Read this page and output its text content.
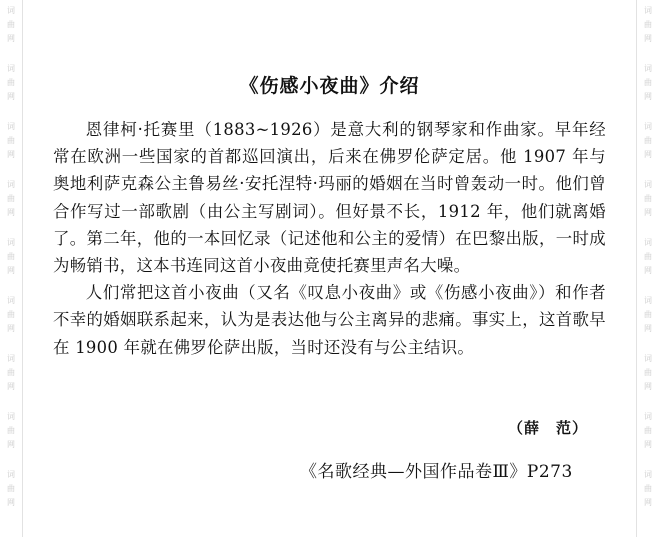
《伤感小夜曲》介绍

恩律柯·托赛里（1883~1926）是意大利的钢琴家和作曲家。早年经常在欧洲一些国家的首都巡回演出，后来在佛罗伦萨定居。他 1907 年与奥地利萨克森公主鲁易丝·安托涅特·玛丽的婚姻在当时曾轰动一时。他们曾合作写过一部歌剧（由公主写剧词）。但好景不长，1912 年，他们就离婚了。第二年，他的一本回忆录（记述他和公主的爱情）在巴黎出版，一时成为畅销书，这本书连同这首小夜曲竟使托赛里声名大噪。

人们常把这首小夜曲（又名《叹息小夜曲》或《伤感小夜曲》）和作者不幸的婚姻联系起来，认为是表达他与公主离异的悲痛。事实上，这首歌早在 1900 年就在佛罗伦萨出版，当时还没有与公主结识。

（薛　范）
《名歌经典—外国作品卷Ⅲ》P273
词
曲
网
词
曲
网
词
曲
网
词
曲
网
词
曲
网
词
曲
网
词
曲
网
词
曲
网
词
曲
网
词
曲
网
词
曲
网
词
曲
网
词
曲
网
词
曲
网
词
曲
网
词
曲
网
词
曲
网
词
曲
网
